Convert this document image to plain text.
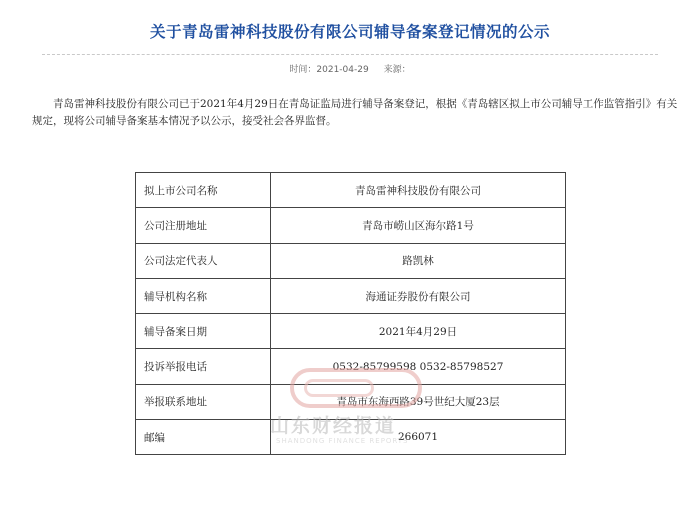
关于青岛雷神科技股份有限公司辅导备案登记情况的公示
时间：2021-04-29 来源：
青岛雷神科技股份有限公司已于2021年4月29日在青岛证监局进行辅导备案登记，根据《青岛辖区拟上市公司辅导工作监管指引》有关规定，现将公司辅导备案基本情况予以公示，接受社会各界监督。
拟上市公司名称	青岛雷神科技股份有限公司
公司注册地址	青岛市崂山区海尔路1号
公司法定代表人	路凯林
辅导机构名称	海通证券股份有限公司
辅导备案日期	2021年4月29日
投诉举报电话	0532-85799598 0532-85798527
举报联系地址	青岛市东海西路39号世纪大厦23层
邮编	266071
山东财经报道
SHANDONG FINANCE REPORTS
